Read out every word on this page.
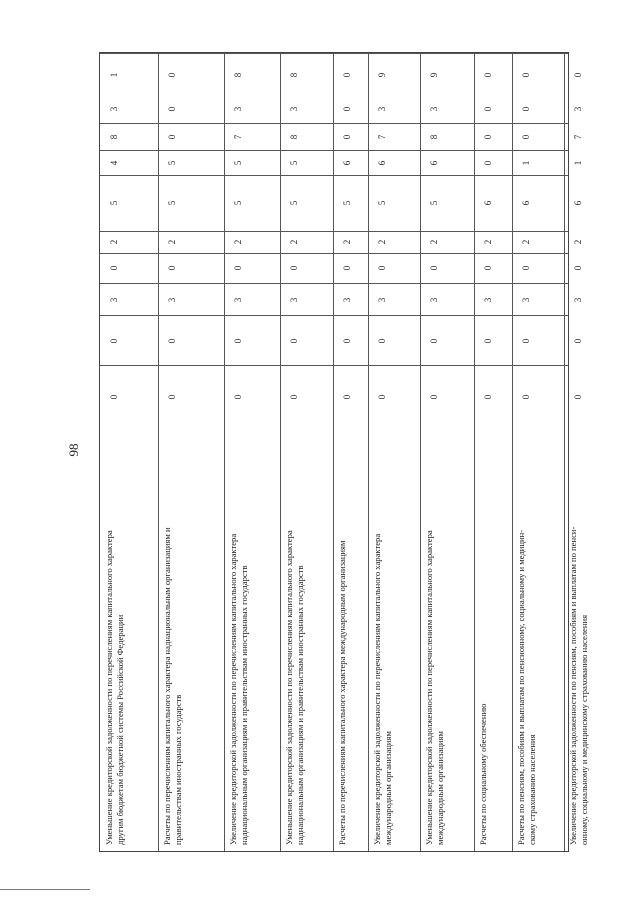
98
Уменьшение кредиторской задолженности по перечислениям капитального характера другим бюджетам бюджетной системы Российской Федерации
0
0
3
0
2
5
4
8
3
1
Расчеты по перечислениям капитального характера наднациональным организациям и правительствам иностранных государств
0
0
3
0
2
5
5
0
0
0
Увеличение кредиторской задолженности по перечислениям капитального характера наднациональным организациям и правительствам иностранных государств
0
0
3
0
2
5
5
7
3
8
Уменьшение кредиторской задолженности по перечислениям капитального характера наднациональным организациям и правительствам иностранных государств
0
0
3
0
2
5
5
8
3
8
Расчеты по перечислениям капитального характера международным организациям
0
0
3
0
2
5
6
0
0
0
Увеличение кредиторской задолженности по перечислениям капитального характера международным организациям
0
0
3
0
2
5
6
7
3
9
Уменьшение кредиторской задолженности по перечислениям капитального характера международным организациям
0
0
3
0
2
5
6
8
3
9
Расчеты по социальному обеспечению
0
0
3
0
2
6
0
0
0
0
Расчеты по пенсиям, пособиям и выплатам по пенсионному, социальному и медицин- скому страхованию населения
0
0
3
0
2
6
1
0
0
0
Увеличение кредиторской задолженности по пенсиям, пособиям и выплатам по пенси- онному, социальному и медицинскому страхованию населения
0
0
3
0
2
6
1
7
3
0
